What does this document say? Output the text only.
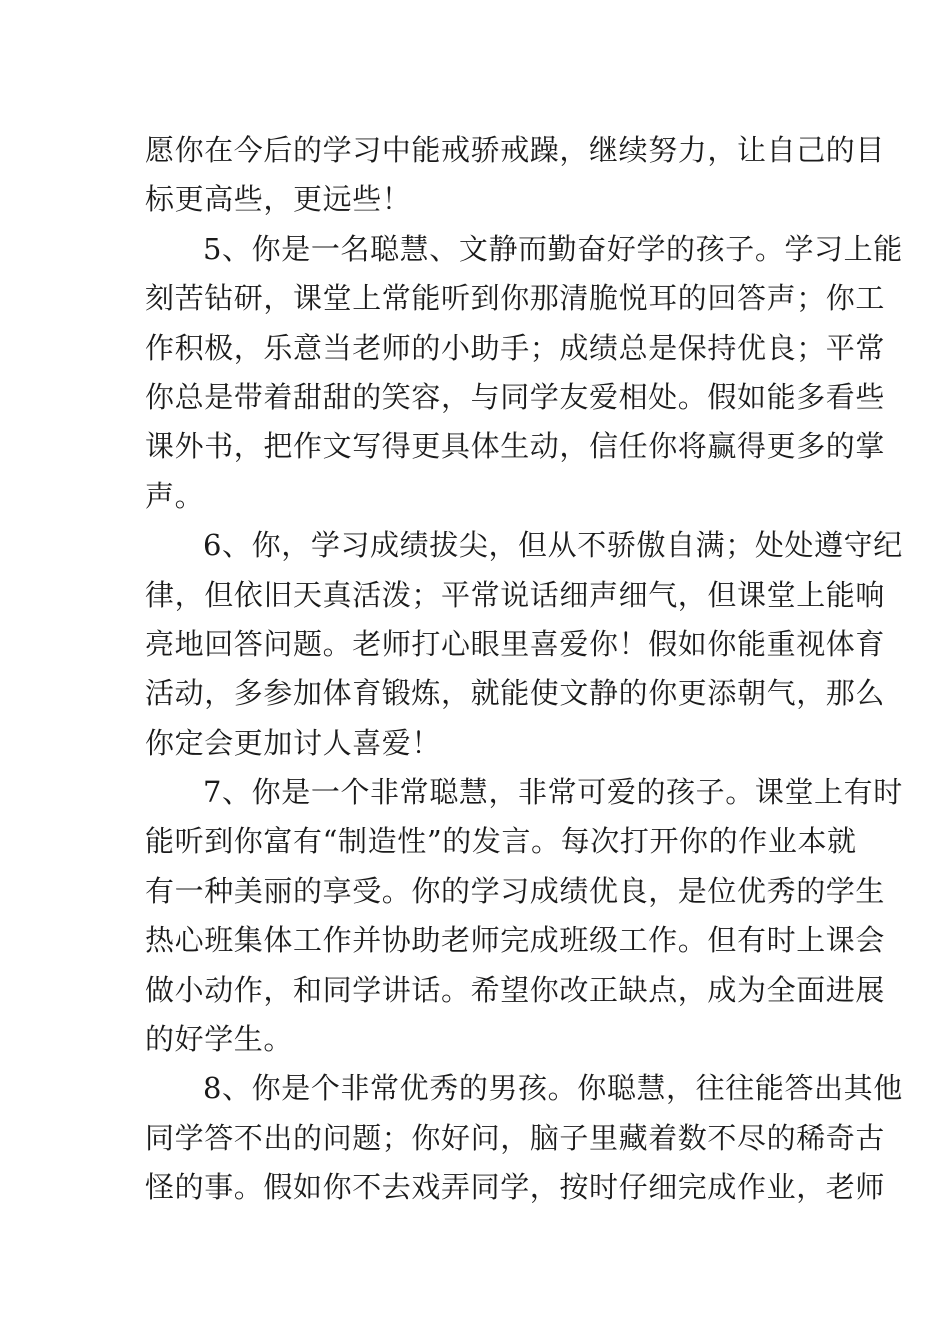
愿你在今后的学习中能戒骄戒躁，继续努力，让自己的目
标更高些，更远些！
5、你是一名聪慧、文静而勤奋好学的孩子。学习上能
刻苦钻研，课堂上常能听到你那清脆悦耳的回答声；你工
作积极，乐意当老师的小助手；成绩总是保持优良；平常
你总是带着甜甜的笑容，与同学友爱相处。假如能多看些
课外书，把作文写得更具体生动，信任你将赢得更多的掌
声。
6、你，学习成绩拔尖，但从不骄傲自满；处处遵守纪
律，但依旧天真活泼；平常说话细声细气，但课堂上能响
亮地回答问题。老师打心眼里喜爱你！假如你能重视体育
活动，多参加体育锻炼，就能使文静的你更添朝气，那么
你定会更加讨人喜爱！
7、你是一个非常聪慧，非常可爱的孩子。课堂上有时
能听到你富有“制造性”的发言。每次打开你的作业本就
有一种美丽的享受。你的学习成绩优良，是位优秀的学生
热心班集体工作并协助老师完成班级工作。但有时上课会
做小动作，和同学讲话。希望你改正缺点，成为全面进展
的好学生。
8、你是个非常优秀的男孩。你聪慧，往往能答出其他
同学答不出的问题；你好问，脑子里藏着数不尽的稀奇古
怪的事。假如你不去戏弄同学，按时仔细完成作业，老师
